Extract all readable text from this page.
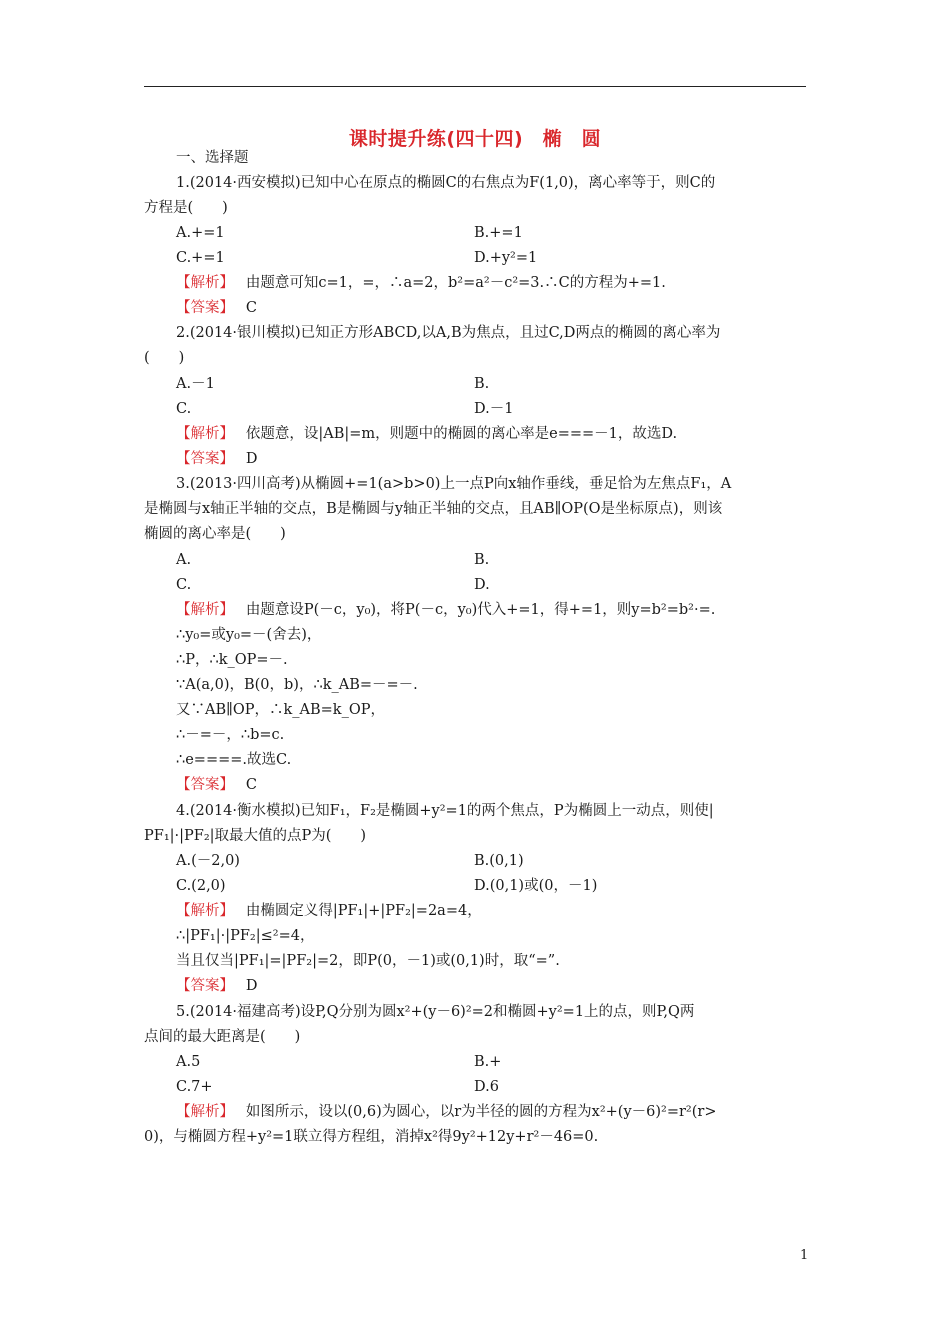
课时提升练(四十四)　椭　圆
一、选择题
1.(2014·西安模拟)已知中心在原点的椭圆C的右焦点为F(1,0)，离心率等于，则C的
方程是(　　)
A.+=1	B.+=1
C.+=1	D.+y²=1
【解析】　 由题意可知c=1，=，∴a=2，b²=a²－c²=3.∴C的方程为+=1.
【答案】　 C
2.(2014·银川模拟)已知正方形ABCD,以A,B为焦点，且过C,D两点的椭圆的离心率为
(　　)
A.－1	B.
C.	D.－1
【解析】　 依题意，设|AB|=m，则题中的椭圆的离心率是e===－1，故选D.
【答案】　 D
3.(2013·四川高考)从椭圆+=1(a>b>0)上一点P向x轴作垂线，垂足恰为左焦点F₁，A
是椭圆与x轴正半轴的交点，B是椭圆与y轴正半轴的交点，且AB∥OP(O是坐标原点)，则该
椭圆的离心率是(　　)
A.	B.
C.	D.
【解析】　 由题意设P(－c，y₀)，将P(－c，y₀)代入+=1，得+=1，则y=b²=b²·=.
∴y₀=或y₀=－(舍去)，
∴P，∴k_OP=－.
∵A(a,0)，B(0，b)，∴k_AB=－=－.
又∵AB∥OP，∴k_AB=k_OP，
∴－=－，∴b=c.
∴e====.故选C.
【答案】　 C
4.(2014·衡水模拟)已知F₁，F₂是椭圆+y²=1的两个焦点，P为椭圆上一动点，则使|
PF₁|·|PF₂|取最大值的点P为(　　)
A.(－2,0)	B.(0,1)
C.(2,0)	D.(0,1)或(0，－1)
【解析】　 由椭圆定义得|PF₁|+|PF₂|=2a=4，
∴|PF₁|·|PF₂|≤²=4，
当且仅当|PF₁|=|PF₂|=2，即P(0，－1)或(0,1)时，取“=”.
【答案】　 D
5.(2014·福建高考)设P,Q分别为圆x²+(y－6)²=2和椭圆+y²=1上的点，则P,Q两
点间的最大距离是(　　)
A.5	B.+
C.7+	D.6
【解析】　 如图所示，设以(0,6)为圆心，以r为半径的圆的方程为x²+(y－6)²=r²(r>
0)，与椭圆方程+y²=1联立得方程组，消掉x²得9y²+12y+r²－46=0.
1
